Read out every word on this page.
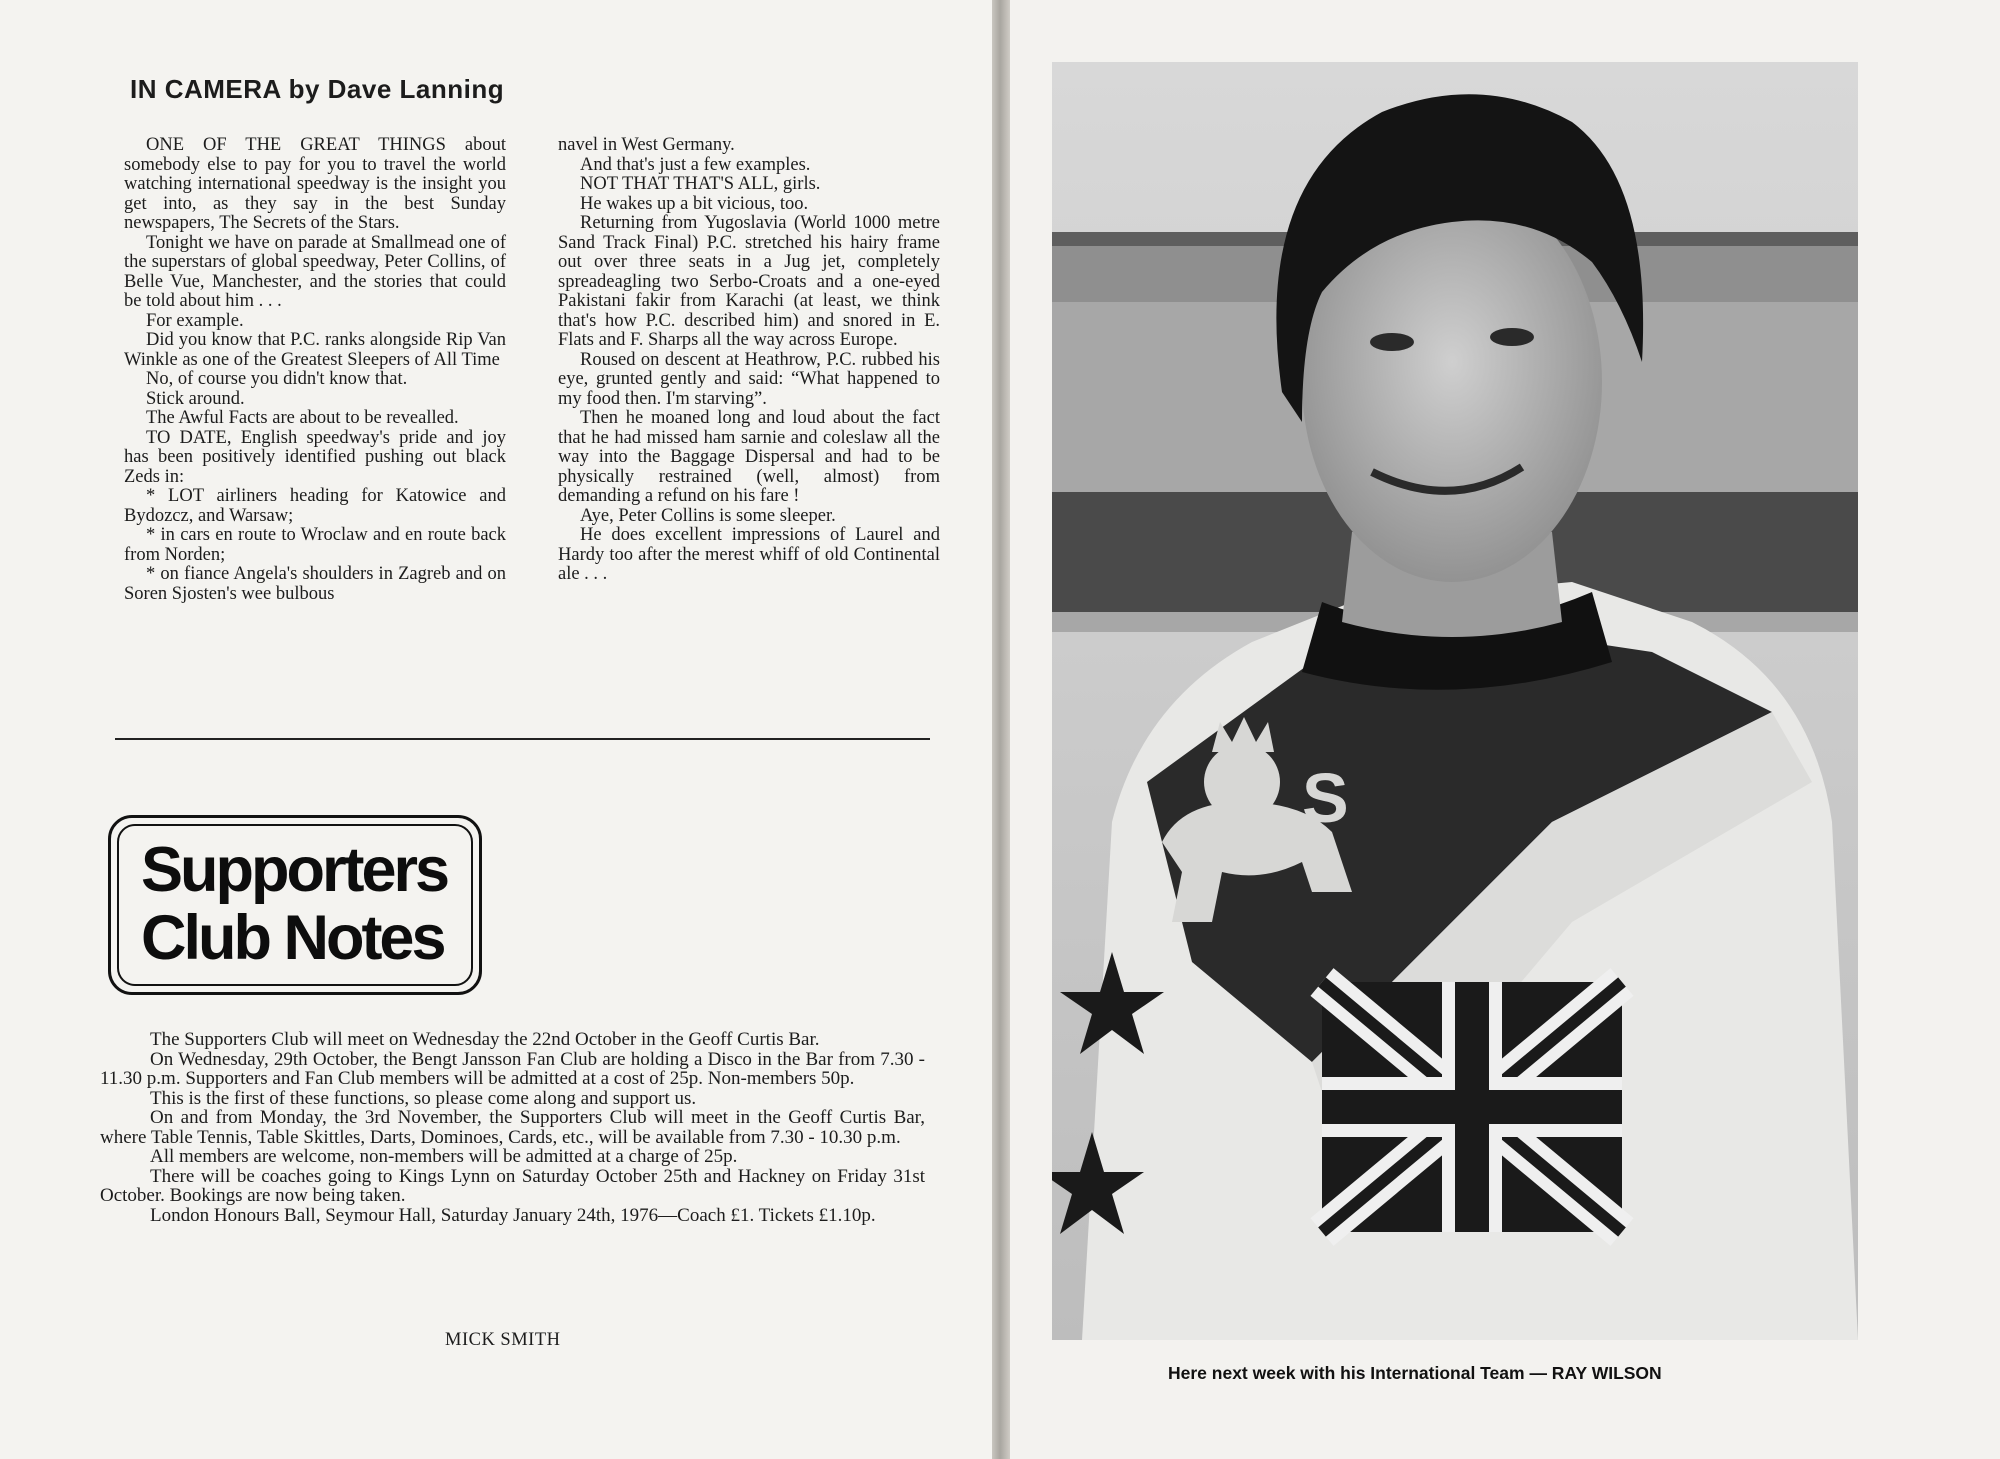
IN CAMERA by Dave Lanning

ONE OF THE GREAT THINGS about somebody else to pay for you to travel the world watching international speedway is the insight you get into, as they say in the best Sunday newspapers, The Secrets of the Stars.

Tonight we have on parade at Smallmead one of the superstars of global speedway, Peter Collins, of Belle Vue, Manchester, and the stories that could be told about him . . .

For example.

Did you know that P.C. ranks alongside Rip Van Winkle as one of the Greatest Sleepers of All Time

No, of course you didn't know that.

Stick around.

The Awful Facts are about to be revealled.

TO DATE, English speedway's pride and joy has been positively identified pushing out black Zeds in:

* LOT airliners heading for Katowice and Bydozcz, and Warsaw;

* in cars en route to Wroclaw and en route back from Norden;

* on fiance Angela's shoulders in Zagreb and on Soren Sjosten's wee bulbous

navel in West Germany.

And that's just a few examples.

NOT THAT THAT'S ALL, girls.

He wakes up a bit vicious, too.

Returning from Yugoslavia (World 1000 metre Sand Track Final) P.C. stretched his hairy frame out over three seats in a Jug jet, completely spreadeagling two Serbo-Croats and a one-eyed Pakistani fakir from Karachi (at least, we think that's how P.C. described him) and snored in E. Flats and F. Sharps all the way across Europe.

Roused on descent at Heathrow, P.C. rubbed his eye, grunted gently and said: “What happened to my food then. I'm starving”.

Then he moaned long and loud about the fact that he had missed ham sarnie and coleslaw all the way into the Baggage Dispersal and had to be physically restrained (well, almost) from demanding a refund on his fare !

Aye, Peter Collins is some sleeper.

He does excellent impressions of Laurel and Hardy too after the merest whiff of old Continental ale . . .

Supporters
Club Notes

The Supporters Club will meet on Wednesday the 22nd October in the Geoff Curtis Bar.

On Wednesday, 29th October, the Bengt Jansson Fan Club are holding a Disco in the Bar from 7.30 - 11.30 p.m. Supporters and Fan Club members will be admitted at a cost of 25p. Non-members 50p.

This is the first of these functions, so please come along and support us.

On and from Monday, the 3rd November, the Supporters Club will meet in the Geoff Curtis Bar, where Table Tennis, Table Skittles, Darts, Dominoes, Cards, etc., will be available from 7.30 - 10.30 p.m.

All members are welcome, non-members will be admitted at a charge of 25p.

There will be coaches going to Kings Lynn on Saturday October 25th and Hackney on Friday 31st October. Bookings are now being taken.

London Honours Ball, Seymour Hall, Saturday January 24th, 1976—Coach £1. Tickets £1.10p.

MICK SMITH
S

Here next week with his International Team — RAY WILSON
